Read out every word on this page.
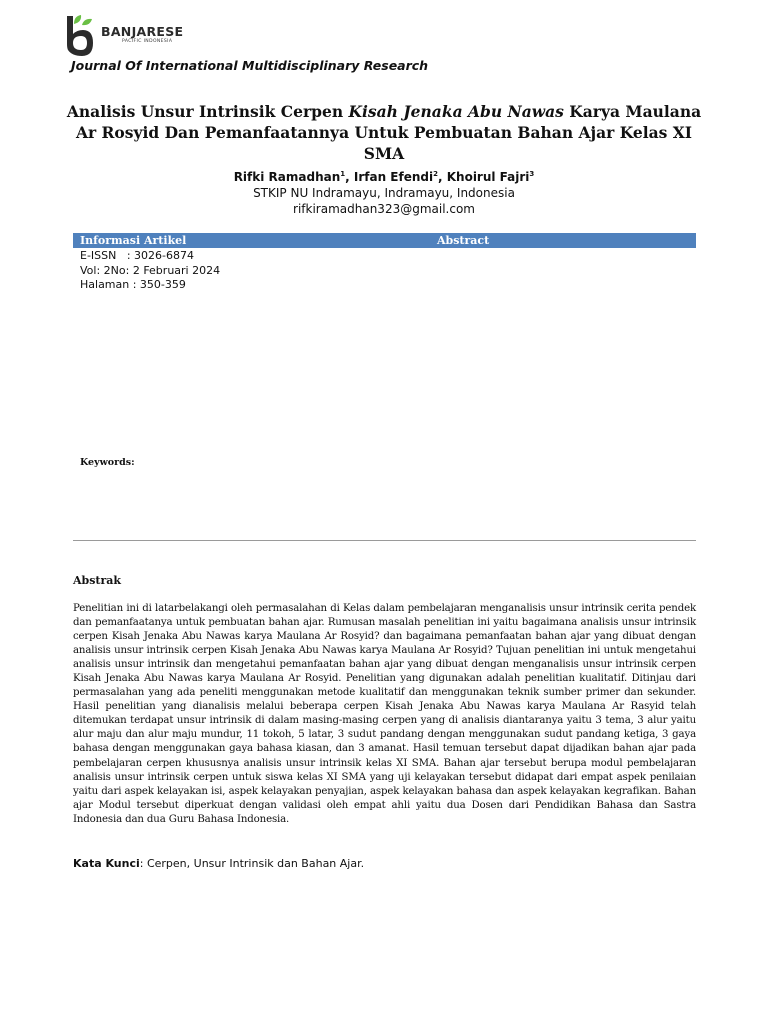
BANJARESE
PACIFIC INDONESIA
Journal Of International Multidisciplinary Research
Analisis Unsur Intrinsik Cerpen Kisah Jenaka Abu Nawas Karya Maulana Ar Rosyid Dan Pemanfaatannya Untuk Pembuatan Bahan Ajar Kelas XI SMA
Rifki Ramadhan$^1$, Irfan Efendi$^2$, Khoirul Fajri$^3$
STKIP NU Indramayu, Indramayu, Indonesia
rifkiramadhan323@gmail.com
Informasi Artikel	Abstract
E-ISSN   : 3026-6874
Vol: 2No: 2 Februari 2024
Halaman : 350-359
Keywords:
Abstrak
Penelitian ini di latarbelakangi oleh permasalahan di Kelas dalam pembelajaran menganalisis unsur intrinsik cerita pendek dan pemanfaatanya untuk pembuatan bahan ajar. Rumusan masalah penelitian ini yaitu bagaimana analisis unsur intrinsik cerpen Kisah Jenaka Abu Nawas karya Maulana Ar Rosyid? dan bagaimana pemanfaatan bahan ajar yang dibuat dengan analisis unsur intrinsik cerpen Kisah Jenaka Abu Nawas karya Maulana Ar Rosyid? Tujuan penelitian ini untuk mengetahui analisis unsur intrinsik dan mengetahui pemanfaatan bahan ajar yang dibuat dengan menganalisis unsur intrinsik cerpen Kisah Jenaka Abu Nawas karya Maulana Ar Rosyid. Penelitian yang digunakan adalah penelitian kualitatif. Ditinjau dari permasalahan yang ada peneliti menggunakan metode kualitatif dan menggunakan teknik sumber primer dan sekunder. Hasil penelitian yang dianalisis melalui beberapa cerpen Kisah Jenaka Abu Nawas karya Maulana Ar Rasyid telah ditemukan terdapat unsur intrinsik di dalam masing-masing cerpen yang di analisis diantaranya yaitu 3 tema, 3 alur yaitu alur maju dan alur maju mundur, 11 tokoh, 5 latar, 3 sudut pandang dengan menggunakan sudut pandang ketiga, 3 gaya bahasa dengan menggunakan gaya bahasa kiasan, dan 3 amanat. Hasil temuan tersebut dapat dijadikan bahan ajar pada pembelajaran cerpen khususnya analisis unsur intrinsik kelas XI SMA. Bahan ajar tersebut berupa modul pembelajaran analisis unsur intrinsik cerpen untuk siswa kelas XI SMA yang uji kelayakan tersebut didapat dari empat aspek penilaian yaitu dari aspek kelayakan isi, aspek kelayakan penyajian, aspek kelayakan bahasa dan aspek kelayakan kegrafikan. Bahan ajar Modul tersebut diperkuat dengan validasi oleh empat ahli yaitu dua Dosen dari Pendidikan Bahasa dan Sastra Indonesia dan dua Guru Bahasa Indonesia.
Kata Kunci: Cerpen, Unsur Intrinsik dan Bahan Ajar.
